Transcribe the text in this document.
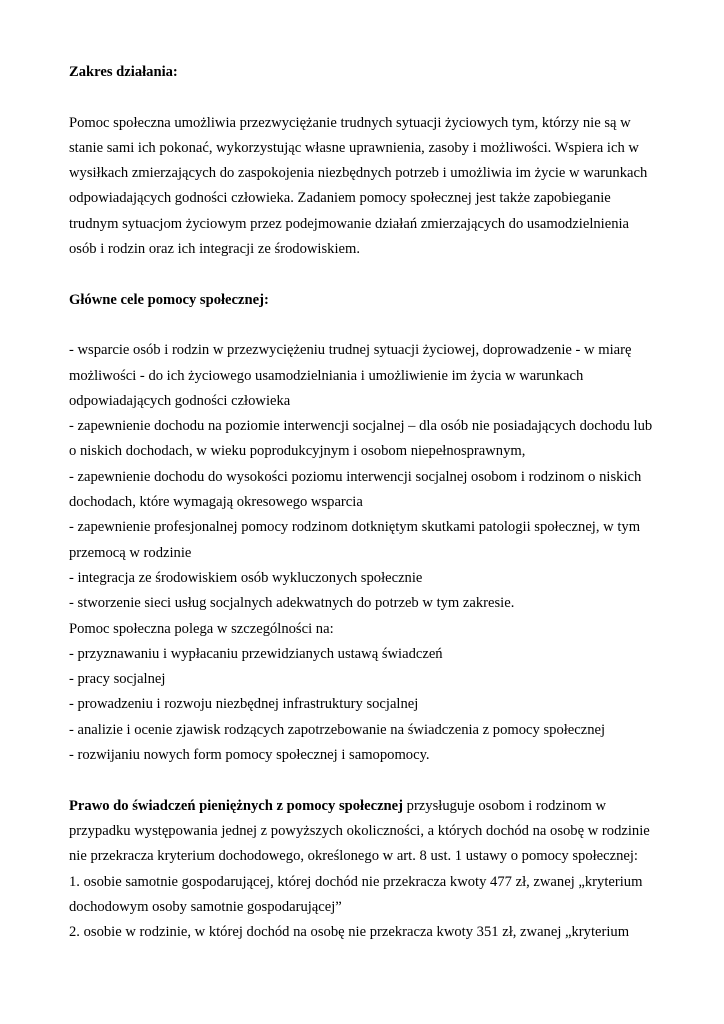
Zakres działania:

Pomoc społeczna umożliwia przezwyciężanie trudnych sytuacji życiowych tym, którzy nie są w
stanie sami ich pokonać, wykorzystując własne uprawnienia, zasoby i możliwości. Wspiera ich w
wysiłkach zmierzających do zaspokojenia niezbędnych potrzeb i umożliwia im życie w warunkach
odpowiadających godności człowieka. Zadaniem pomocy społecznej jest także zapobieganie
trudnym sytuacjom życiowym przez podejmowanie działań zmierzających do usamodzielnienia
osób i rodzin oraz ich integracji ze środowiskiem.

Główne cele pomocy społecznej:

- wsparcie osób i rodzin w przezwyciężeniu trudnej sytuacji życiowej, doprowadzenie - w miarę
możliwości - do ich życiowego usamodzielniania i umożliwienie im życia w warunkach
odpowiadających godności człowieka
- zapewnienie dochodu na poziomie interwencji socjalnej – dla osób nie posiadających dochodu lub
o niskich dochodach, w wieku poprodukcyjnym i osobom niepełnosprawnym,
- zapewnienie dochodu do wysokości poziomu interwencji socjalnej osobom i rodzinom o niskich
dochodach, które wymagają okresowego wsparcia
- zapewnienie profesjonalnej pomocy rodzinom dotkniętym skutkami patologii społecznej, w tym
przemocą w rodzinie
- integracja ze środowiskiem osób wykluczonych społecznie
- stworzenie sieci usług socjalnych adekwatnych do potrzeb w tym zakresie.
Pomoc społeczna polega w szczególności na:
- przyznawaniu i wypłacaniu przewidzianych ustawą świadczeń
- pracy socjalnej
- prowadzeniu i rozwoju niezbędnej infrastruktury socjalnej
- analizie i ocenie zjawisk rodzących zapotrzebowanie na świadczenia z pomocy społecznej
- rozwijaniu nowych form pomocy społecznej i samopomocy.

Prawo do świadczeń pieniężnych z pomocy społecznej przysługuje osobom i rodzinom w
przypadku występowania jednej z powyższych okoliczności, a których dochód na osobę w rodzinie
nie przekracza kryterium dochodowego, określonego w art. 8 ust. 1 ustawy o pomocy społecznej:
1. osobie samotnie gospodarującej, której dochód nie przekracza kwoty 477 zł, zwanej „kryterium
dochodowym osoby samotnie gospodarującej”
2. osobie w rodzinie, w której dochód na osobę nie przekracza kwoty 351 zł, zwanej „kryterium
